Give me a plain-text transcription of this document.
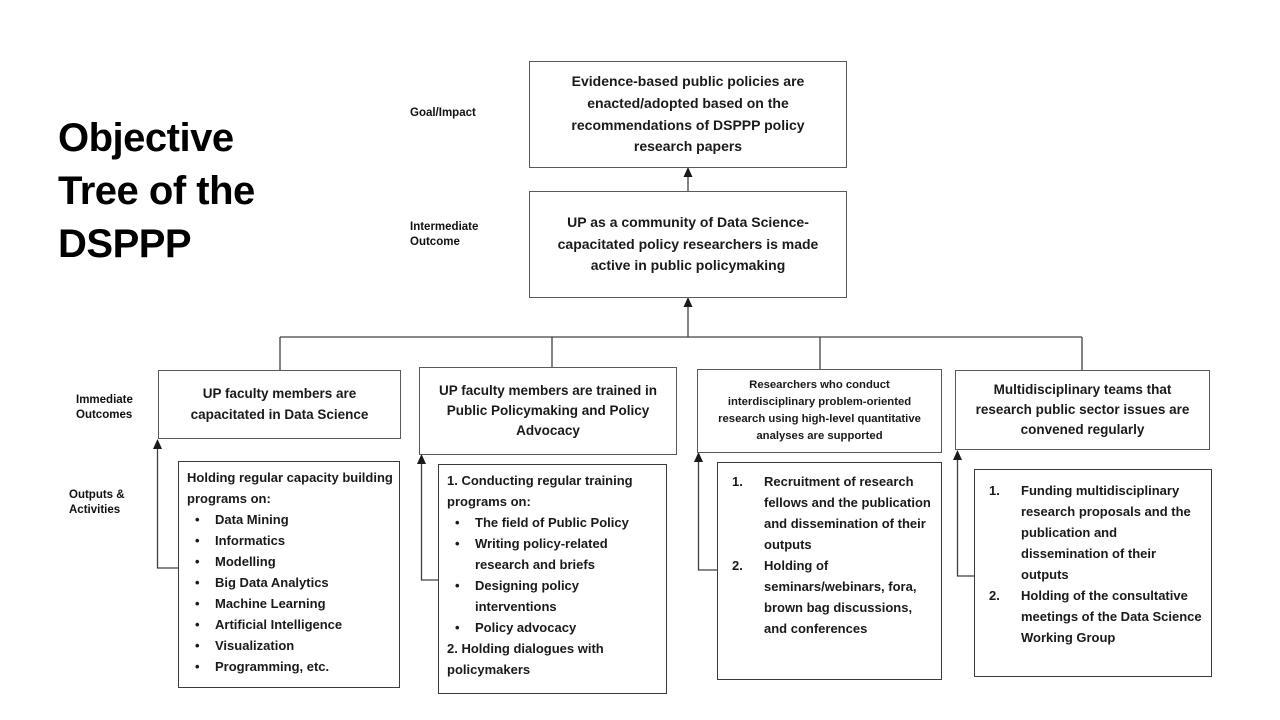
Objective Tree of the DSPPP
Goal/Impact
Intermediate Outcome
Immediate Outcomes
Outputs & Activities
Evidence-based public policies are enacted/adopted based on the recommendations of DSPPP policy research papers
UP as a community of Data Science-capacitated policy researchers is made active in public policymaking
UP faculty members are capacitated in Data Science
UP faculty members are trained in Public Policymaking and Policy Advocacy
Researchers who conduct interdisciplinary problem-oriented research using high-level quantitative analyses are supported
Multidisciplinary teams that research public sector issues are convened regularly
Holding regular capacity building programs on:
•	Data Mining
•	Informatics
•	Modelling
•	Big Data Analytics
•	Machine Learning
•	Artificial Intelligence
•	Visualization
•	Programming, etc.
1. Conducting regular training programs on:
•	The field of Public Policy
•	Writing policy-related research and briefs
•	Designing policy interventions
•	Policy advocacy
2. Holding dialogues with policymakers
1.	Recruitment of research fellows and the publication and dissemination of their outputs
2.	Holding of seminars/webinars, fora, brown bag discussions, and conferences
1.	Funding multidisciplinary research proposals and the publication and dissemination of their outputs
2.	Holding of the consultative meetings of the Data Science Working Group
